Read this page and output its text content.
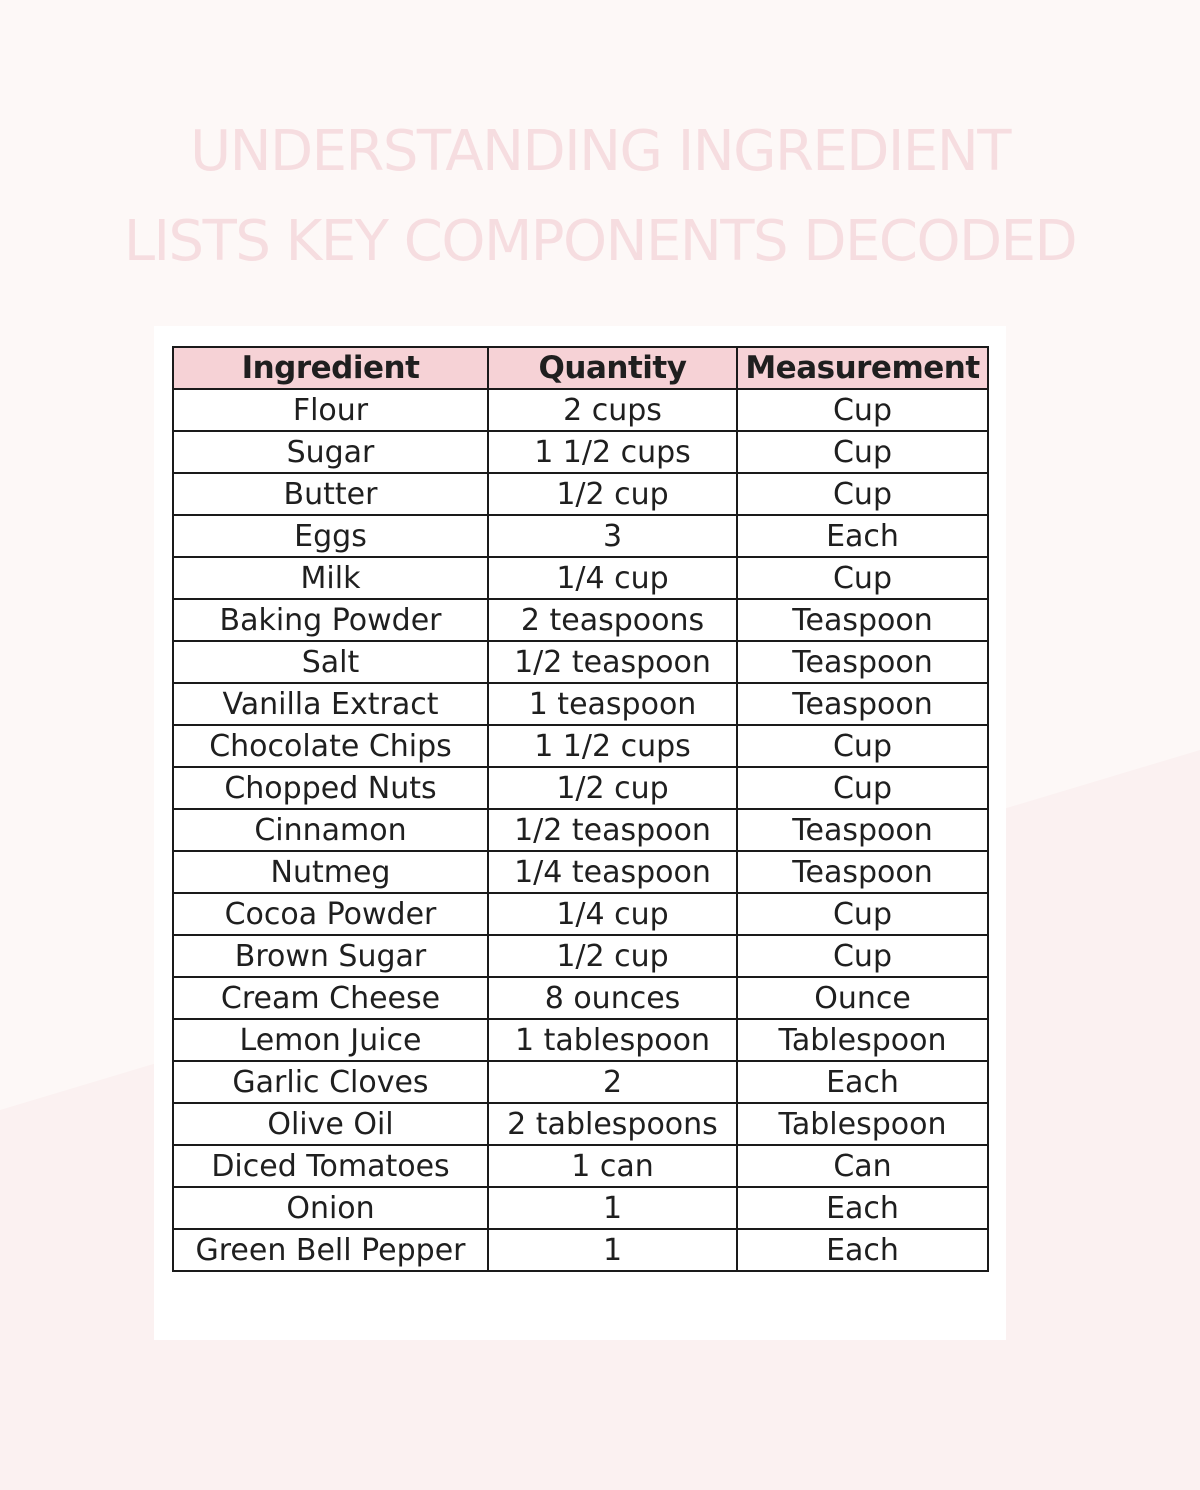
UNDERSTANDING INGREDIENT
LISTS KEY COMPONENTS DECODED
Ingredient	Quantity	Measurement
Flour	2 cups	Cup
Sugar	1 1/2 cups	Cup
Butter	1/2 cup	Cup
Eggs	3	Each
Milk	1/4 cup	Cup
Baking Powder	2 teaspoons	Teaspoon
Salt	1/2 teaspoon	Teaspoon
Vanilla Extract	1 teaspoon	Teaspoon
Chocolate Chips	1 1/2 cups	Cup
Chopped Nuts	1/2 cup	Cup
Cinnamon	1/2 teaspoon	Teaspoon
Nutmeg	1/4 teaspoon	Teaspoon
Cocoa Powder	1/4 cup	Cup
Brown Sugar	1/2 cup	Cup
Cream Cheese	8 ounces	Ounce
Lemon Juice	1 tablespoon	Tablespoon
Garlic Cloves	2	Each
Olive Oil	2 tablespoons	Tablespoon
Diced Tomatoes	1 can	Can
Onion	1	Each
Green Bell Pepper	1	Each
